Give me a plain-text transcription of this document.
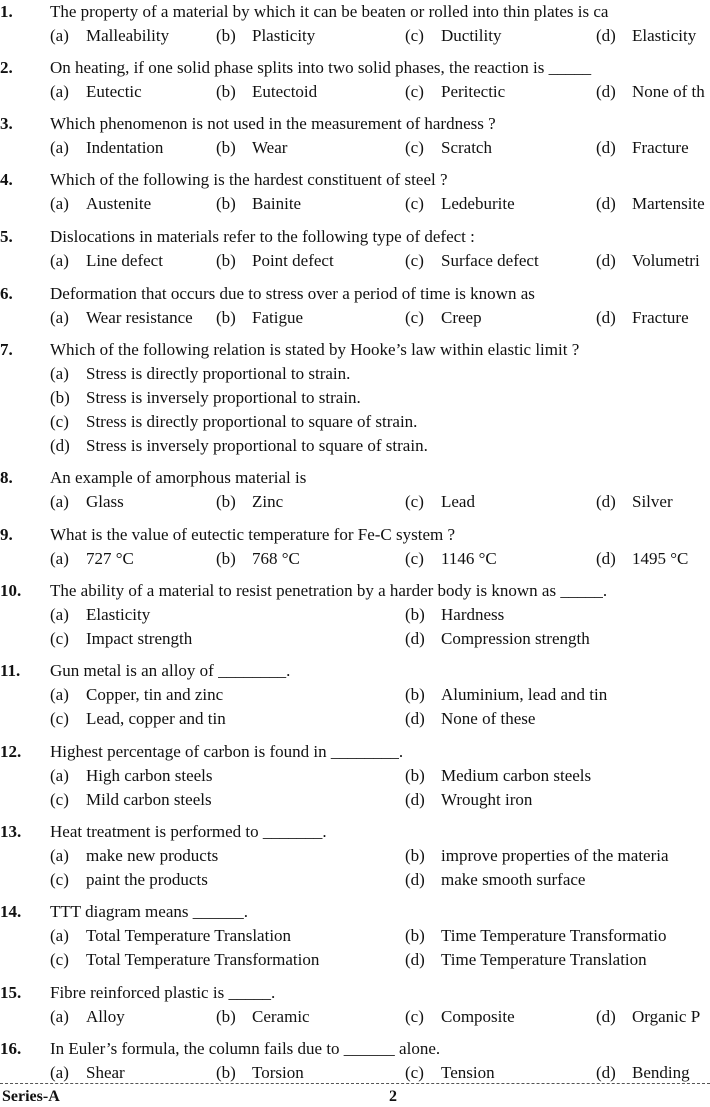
1. The property of a material by which it can be beaten or rolled into thin plates is ca
(a) Malleability	(b) Plasticity	(c) Ductility	(d) Elasticity
2. On heating, if one solid phase splits into two solid phases, the reaction is _____
(a) Eutectic	(b) Eutectoid	(c) Peritectic	(d) None of th
3. Which phenomenon is not used in the measurement of hardness ?
(a) Indentation	(b) Wear	(c) Scratch	(d) Fracture
4. Which of the following is the hardest constituent of steel ?
(a) Austenite	(b) Bainite	(c) Ledeburite	(d) Martensite
5. Dislocations in materials refer to the following type of defect :
(a) Line defect	(b) Point defect	(c) Surface defect	(d) Volumetri
6. Deformation that occurs due to stress over a period of time is known as
(a) Wear resistance (b) Fatigue	(c) Creep	(d) Fracture
7. Which of the following relation is stated by Hooke’s law within elastic limit ?
(a) Stress is directly proportional to strain.
(b) Stress is inversely proportional to strain.
(c) Stress is directly proportional to square of strain.
(d) Stress is inversely proportional to square of strain.
8. An example of amorphous material is
(a) Glass	(b) Zinc	(c) Lead	(d) Silver
9. What is the value of eutectic temperature for Fe-C system ?
(a) 727 °C	(b) 768 °C	(c) 1146 °C	(d) 1495 °C
10. The ability of a material to resist penetration by a harder body is known as _____.
(a) Elasticity	(b) Hardness
(c) Impact strength	(d) Compression strength
11. Gun metal is an alloy of ________.
(a) Copper, tin and zinc	(b) Aluminium, lead and tin
(c) Lead, copper and tin	(d) None of these
12. Highest percentage of carbon is found in ________.
(a) High carbon steels	(b) Medium carbon steels
(c) Mild carbon steels	(d) Wrought iron
13. Heat treatment is performed to _______.
(a) make new products	(b) improve properties of the materia
(c) paint the products	(d) make smooth surface
14. TTT diagram means ______.
(a) Total Temperature Translation	(b) Time Temperature Transformatio
(c) Total Temperature Transformation	(d) Time Temperature Translation
15. Fibre reinforced plastic is _____.
(a) Alloy	(b) Ceramic	(c) Composite	(d) Organic P
16. In Euler’s formula, the column fails due to ______ alone.
(a) Shear	(b) Torsion	(c) Tension	(d) Bending
Series-A	2
